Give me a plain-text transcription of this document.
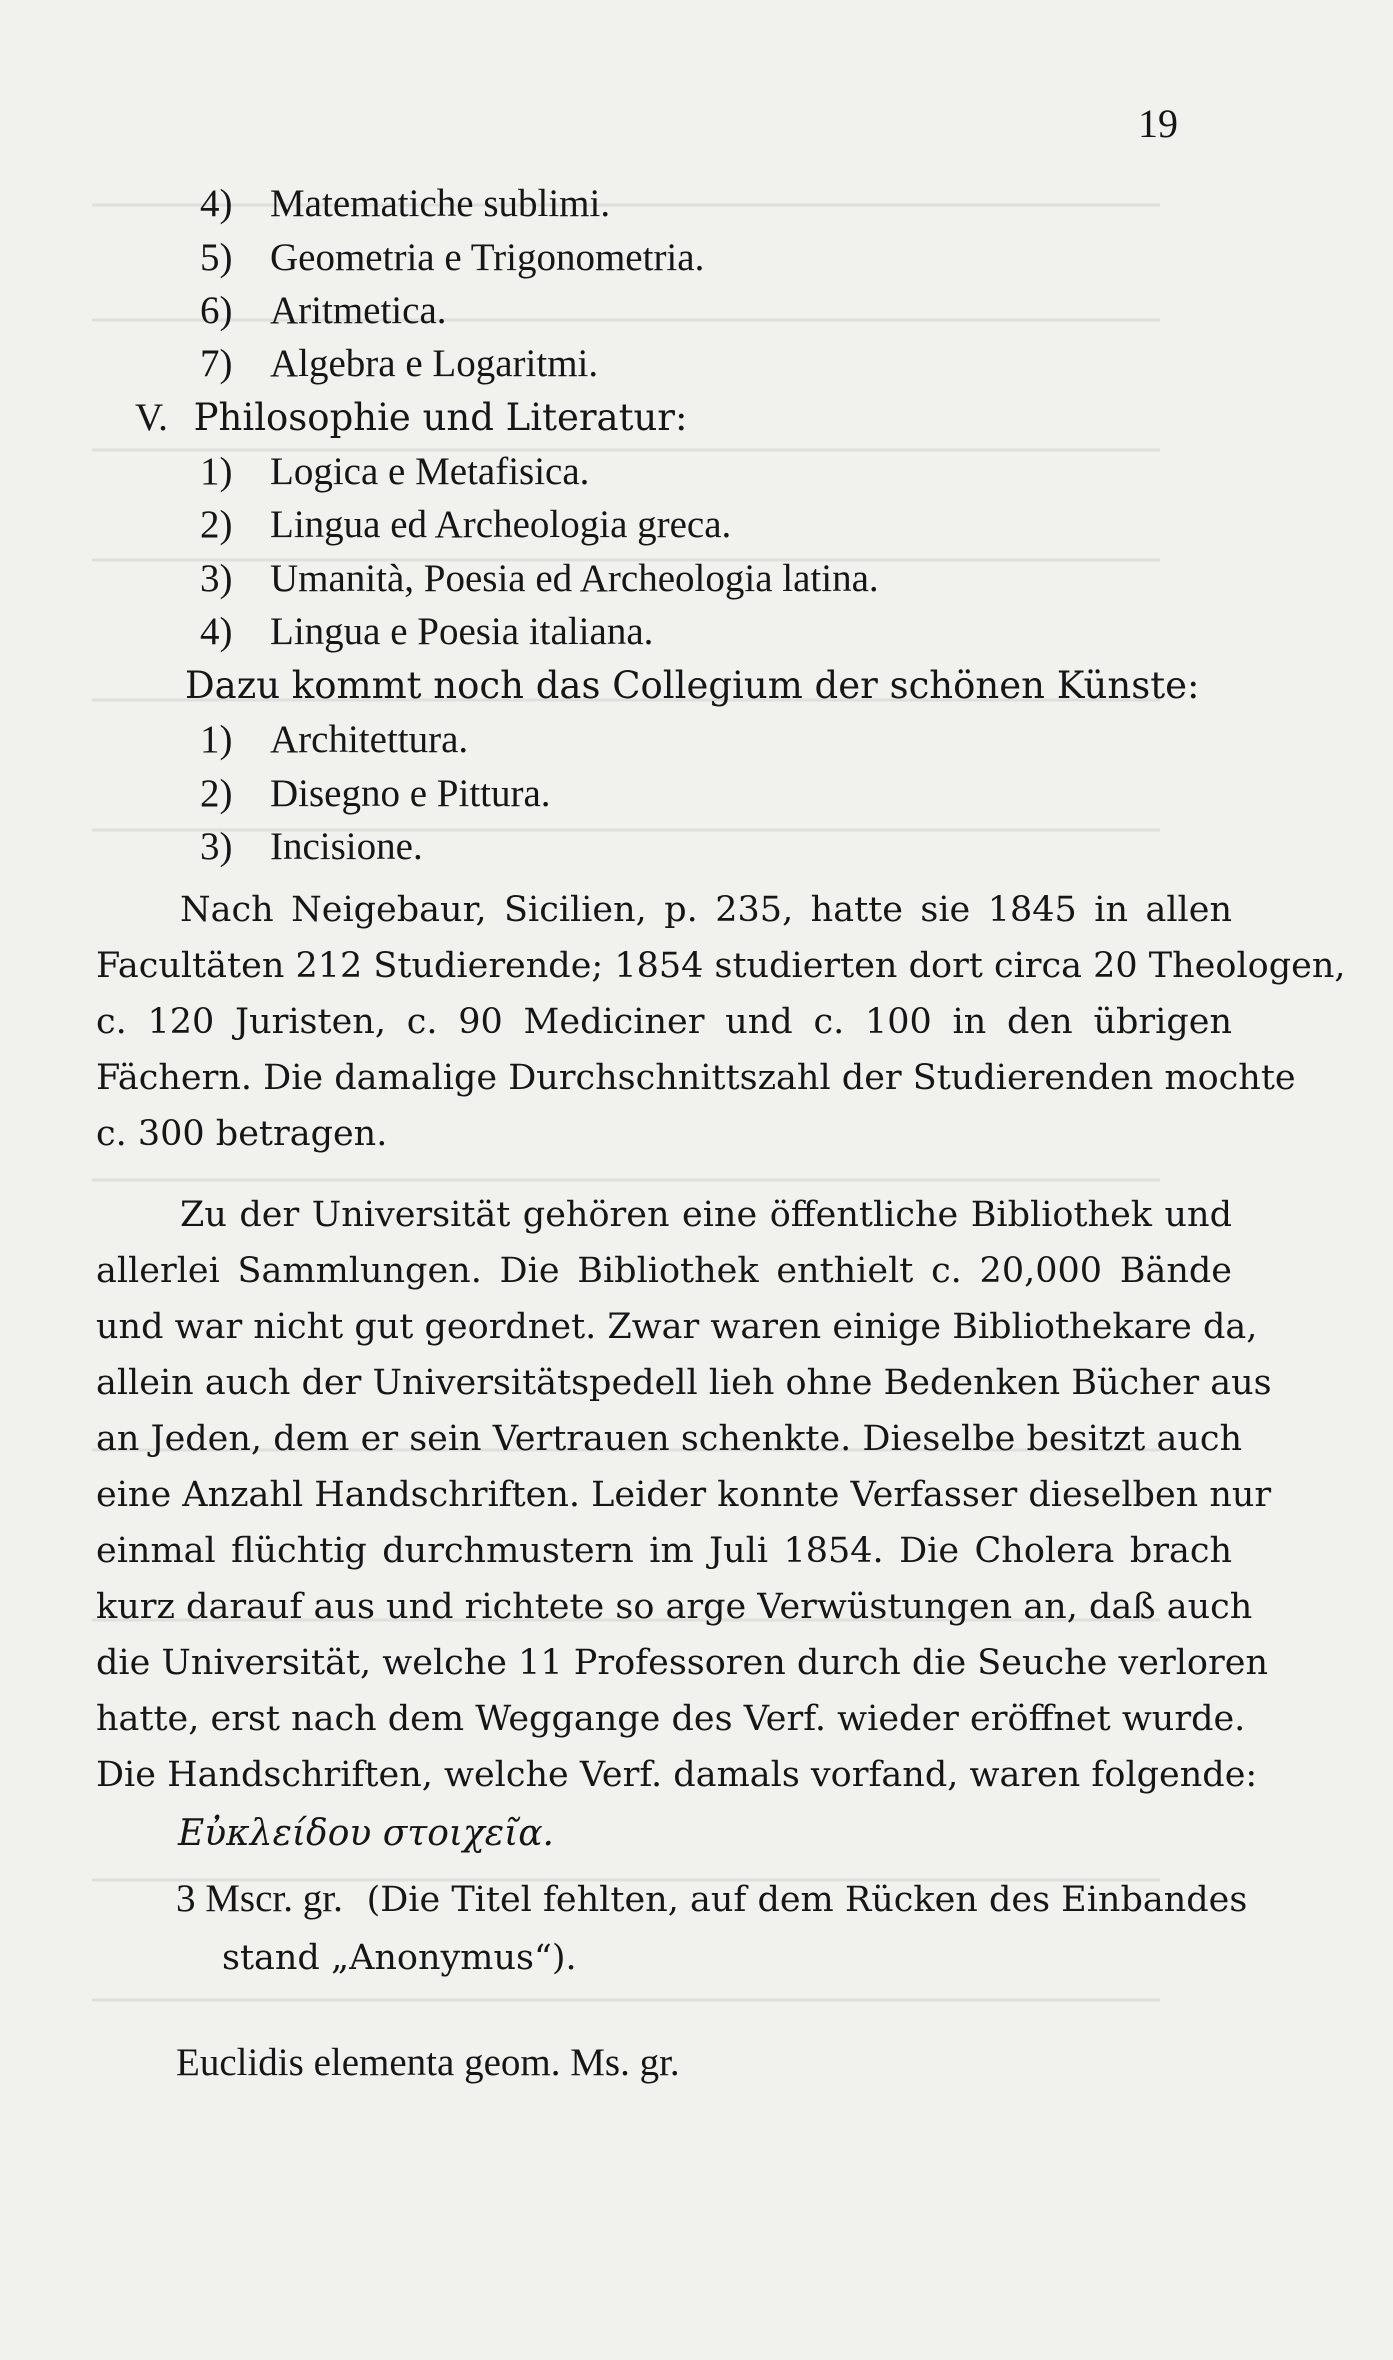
19
4) Matematiche sublimi.
5) Geometria e Trigonometria.
6) Aritmetica.
7) Algebra e Logaritmi.
V. Philosophie und Literatur:
1) Logica e Metafisica.
2) Lingua ed Archeologia greca.
3) Umanità, Poesia ed Archeologia latina.
4) Lingua e Poesia italiana.
Dazu kommt noch das Collegium der schönen Künste:
1) Architettura.
2) Disegno e Pittura.
3) Incisione.
Nach Neigebaur, Sicilien, p. 235, hatte sie 1845 in allen
Facultäten 212 Studierende; 1854 studierten dort circa 20 Theologen,
c. 120 Juristen, c. 90 Mediciner und c. 100 in den übrigen
Fächern. Die damalige Durchschnittszahl der Studierenden mochte
c. 300 betragen.
Zu der Universität gehören eine öffentliche Bibliothek und
allerlei Sammlungen. Die Bibliothek enthielt c. 20,000 Bände
und war nicht gut geordnet. Zwar waren einige Bibliothekare da,
allein auch der Universitätspedell lieh ohne Bedenken Bücher aus
an Jeden, dem er sein Vertrauen schenkte. Dieselbe besitzt auch
eine Anzahl Handschriften. Leider konnte Verfasser dieselben nur
einmal flüchtig durchmustern im Juli 1854. Die Cholera brach
kurz darauf aus und richtete so arge Verwüstungen an, daß auch
die Universität, welche 11 Professoren durch die Seuche verloren
hatte, erst nach dem Weggange des Verf. wieder eröffnet wurde.
Die Handschriften, welche Verf. damals vorfand, waren folgende:
Εὐκλείδου στοιχεῖα.
3 Mscr. gr. (Die Titel fehlten, auf dem Rücken des Einbandes
stand „Anonymus“).
Euclidis elementa geom. Ms. gr.
